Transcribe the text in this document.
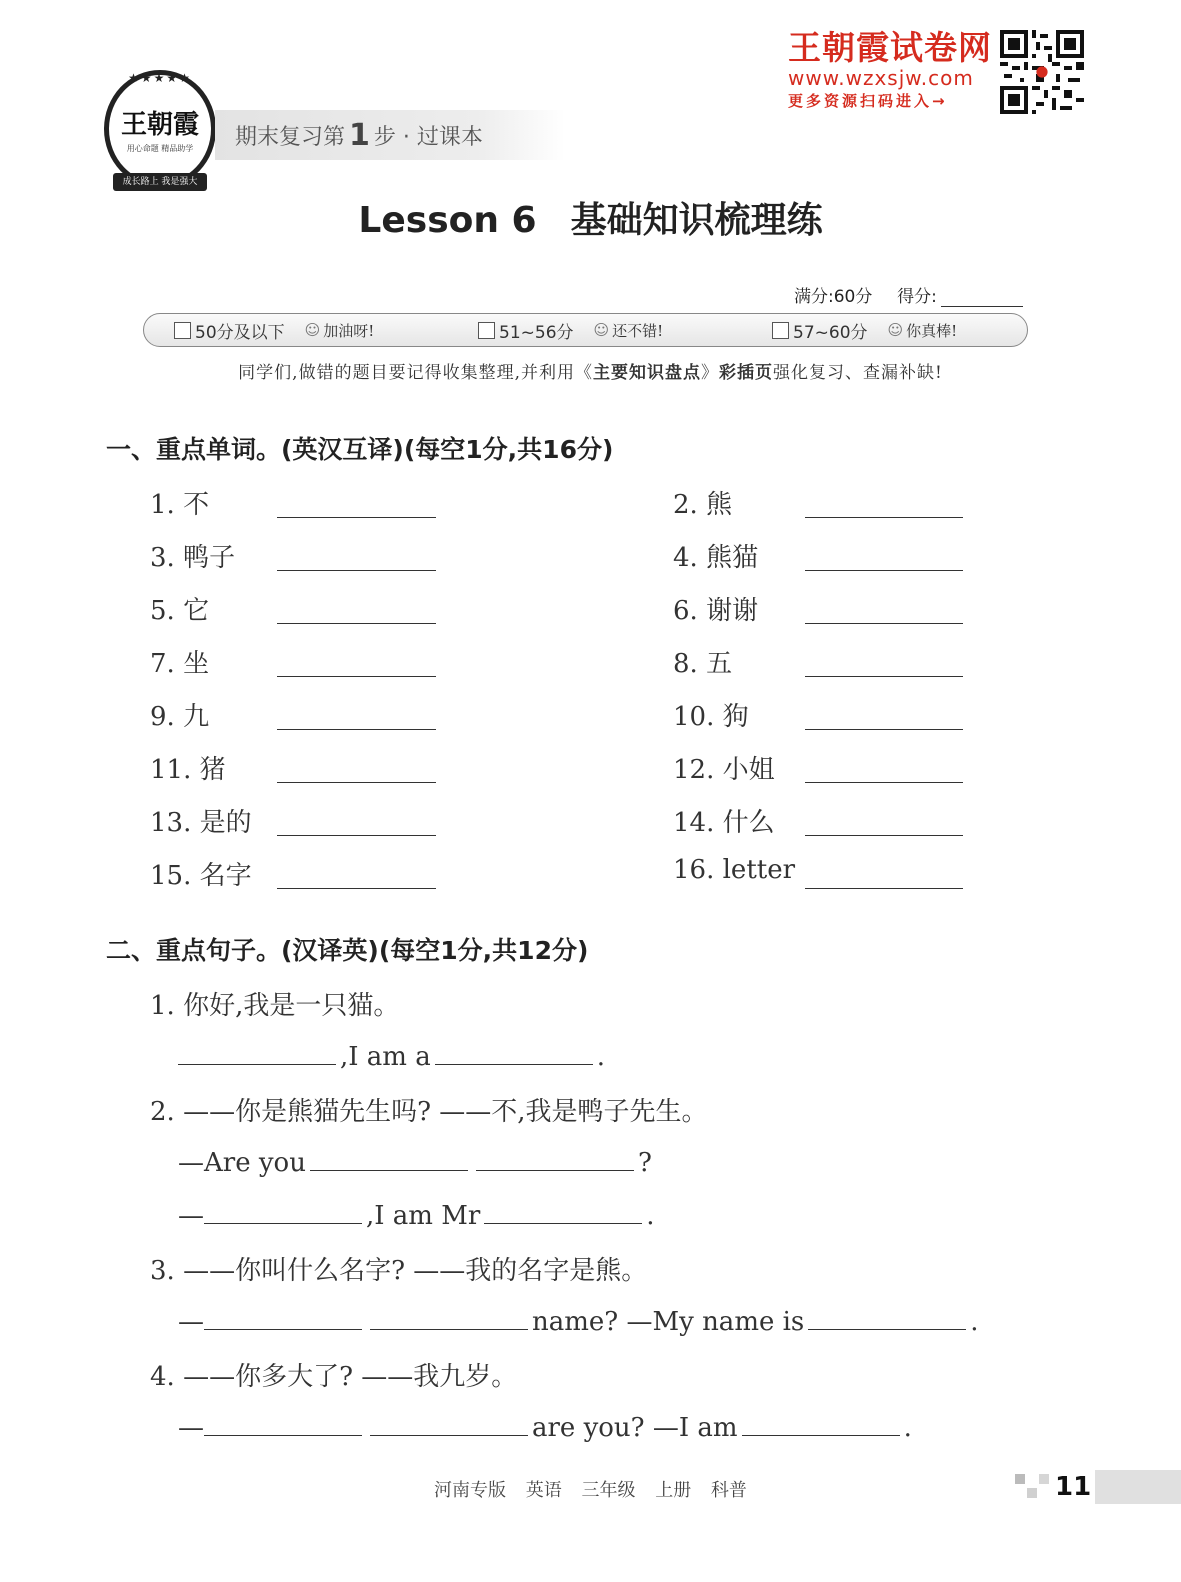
★★★★★
王朝霞
用心命题 精品助学
成长路上 我是强大
期末复习第 1 步 · 过课本
王朝霞试卷网
www.wzxsjw.com
更多资源扫码进入→
Lesson 6 基础知识梳理练
满分:60分 得分:
50分及以下 ☺ 加油呀!	51~56分 ☺ 还不错!	57~60分 ☺ 你真棒!
同学们,做错的题目要记得收集整理,并利用《主要知识盘点》彩插页强化复习、查漏补缺!
一、重点单词。(英汉互译)(每空1分,共16分)
1. 不	2. 熊
3. 鸭子	4. 熊猫
5. 它	6. 谢谢
7. 坐	8. 五
9. 九	10. 狗
11. 猪	12. 小姐
13. 是的	14. 什么
15. 名字	16. letter
二、重点句子。(汉译英)(每空1分,共12分)
1. 你好,我是一只猫。
,I am a	.
2. ——你是熊猫先生吗? ——不,我是鸭子先生。
—Are you	?
—	,I am Mr	.
3. ——你叫什么名字? ——我的名字是熊。
—	name? —My name is	.
4. ——你多大了? ——我九岁。
—	are you? —I am	.
河南专版 英语 三年级 上册 科普	11
